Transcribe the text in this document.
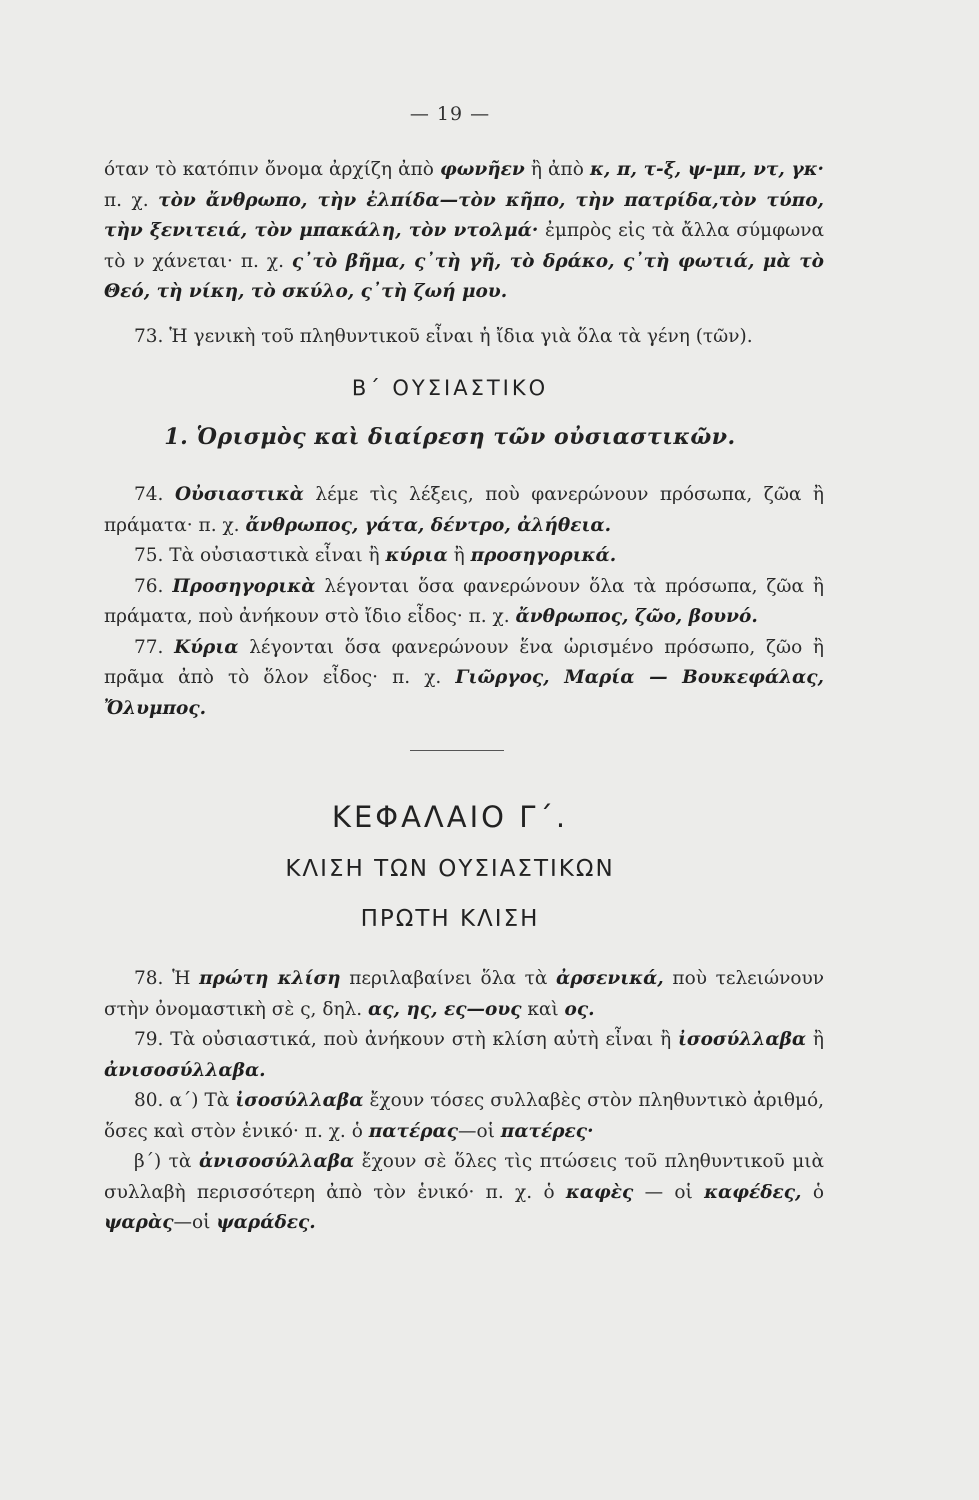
— 19 —

όταν τὸ κατόπιν ὄνομα ἀρχίζη ἀπὸ φωνῆεν ἢ ἀπὸ κ, π, τ-ξ, ψ-μπ, ντ, γκ· π. χ. τὸν ἄνθρωπο, τὴν ἐλπίδα—τὸν κῆπο, τὴν πατρίδα,τὸν τύπο, τὴν ξενιτειά, τὸν μπακάλη, τὸν ντολμά· ἐμπρὸς εἰς τὰ ἄλλα σύμφωνα τὸ ν χάνεται· π. χ. ς᾽τὸ βῆμα, ς᾽τὴ γῆ, τὸ δράκο, ς᾽τὴ φωτιά, μὰ τὸ Θεό, τὴ νίκη, τὸ σκύλο, ς᾽τὴ ζωή μου.

73. Ἡ γενικὴ τοῦ πληθυντικοῦ εἶναι ἡ ἴδια γιὰ ὅλα τὰ γένη (τῶν).

Β΄ ΟΥΣΙΑΣΤΙΚΟ
1. Ὁρισμὸς καὶ διαίρεση τῶν οὐσιαστικῶν.

74. Οὐσιαστικὰ λέμε τὶς λέξεις, ποὺ φανερώνουν πρόσωπα, ζῶα ἢ πράματα· π. χ. ἄνθρωπος, γάτα, δέντρο, ἀλήθεια.

75. Τὰ οὐσιαστικὰ εἶναι ἢ κύρια ἢ προσηγορικά.

76. Προσηγορικὰ λέγονται ὅσα φανερώνουν ὅλα τὰ πρόσωπα, ζῶα ἢ πράματα, ποὺ ἀνήκουν στὸ ἴδιο εἶδος· π. χ. ἄνθρωπος, ζῶο, βουνό.

77. Κύρια λέγονται ὅσα φανερώνουν ἕνα ὡρισμένο πρόσωπο, ζῶο ἢ πρᾶμα ἀπὸ τὸ ὅλον εἶδος· π. χ. Γιῶργος, Μαρία — Βουκεφάλας, Ὄλυμπος.

ΚΕΦΑΛΑΙΟ Γ΄.
ΚΛΙΣΗ ΤΩΝ ΟΥΣΙΑΣΤΙΚΩΝ
ΠΡΩΤΗ ΚΛΙΣΗ

78. Ἡ πρώτη κλίση περιλαβαίνει ὅλα τὰ ἀρσενικά, ποὺ τελειώνουν στὴν ὀνομαστικὴ σὲ ς, δηλ. ας, ης, ες—ους καὶ ος.

79. Τὰ οὐσιαστικά, ποὺ ἀνήκουν στὴ κλίση αὐτὴ εἶναι ἢ ἰσοσύλλαβα ἢ ἀνισοσύλλαβα.

80. α΄) Τὰ ἰσοσύλλαβα ἔχουν τόσες συλλαβὲς στὸν πληθυντικὸ ἀριθμό, ὅσες καὶ στὸν ἑνικό· π. χ. ὁ πατέρας—οἱ πατέρες·

β΄) τὰ ἀνισοσύλλαβα ἔχουν σὲ ὅλες τὶς πτώσεις τοῦ πληθυντικοῦ μιὰ συλλαβὴ περισσότερη ἀπὸ τὸν ἑνικό· π. χ. ὁ καφὲς — οἱ καφέδες, ὁ ψαρὰς—οἱ ψαράδες.
